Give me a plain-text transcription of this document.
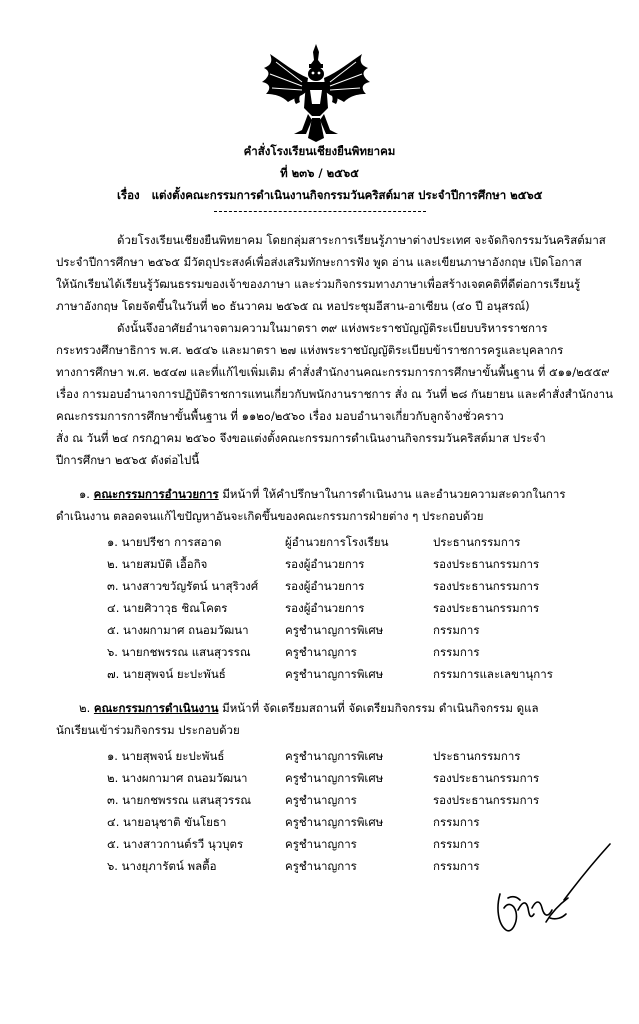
คำสั่งโรงเรียนเชียงยืนพิทยาคม
ที่ ๒๓๖ / ๒๕๖๕
เรื่อง แต่งตั้งคณะกรรมการดำเนินงานกิจกรรมวันคริสต์มาส ประจำปีการศึกษา ๒๕๖๕
ด้วยโรงเรียนเชียงยืนพิทยาคม โดยกลุ่มสาระการเรียนรู้ภาษาต่างประเทศ จะจัดกิจกรรมวันคริสต์มาส
ประจำปีการศึกษา ๒๕๖๕ มีวัตถุประสงค์เพื่อส่งเสริมทักษะการฟัง พูด อ่าน และเขียนภาษาอังกฤษ เปิดโอกาส
ให้นักเรียนได้เรียนรู้วัฒนธรรมของเจ้าของภาษา และร่วมกิจกรรมทางภาษาเพื่อสร้างเจตคติที่ดีต่อการเรียนรู้
ภาษาอังกฤษ โดยจัดขึ้นในวันที่ ๒๐ ธันวาคม ๒๕๖๕ ณ หอประชุมอีสาน-อาเซียน (๔๐ ปี อนุสรณ์)
ดังนั้นจึงอาศัยอำนาจตามความในมาตรา ๓๙ แห่งพระราชบัญญัติระเบียบบริหารราชการ
กระทรวงศึกษาธิการ พ.ศ. ๒๕๔๖ และมาตรา ๒๗ แห่งพระราชบัญญัติระเบียบข้าราชการครูและบุคลากร
ทางการศึกษา พ.ศ. ๒๕๔๗ และที่แก้ไขเพิ่มเติม คำสั่งสำนักงานคณะกรรมการการศึกษาขั้นพื้นฐาน ที่ ๕๑๑/๒๕๕๙
เรื่อง การมอบอำนาจการปฏิบัติราชการแทนเกี่ยวกับพนักงานราชการ สั่ง ณ วันที่ ๒๘ กันยายน และคำสั่งสำนักงาน
คณะกรรมการการศึกษาขั้นพื้นฐาน ที่ ๑๑๒๐/๒๕๖๐ เรื่อง มอบอำนาจเกี่ยวกับลูกจ้างชั่วคราว
สั่ง ณ วันที่ ๒๔ กรกฎาคม ๒๕๖๐ จึงขอแต่งตั้งคณะกรรมการดำเนินงานกิจกรรมวันคริสต์มาส ประจำ
ปีการศึกษา ๒๕๖๕ ดังต่อไปนี้
๑. คณะกรรมการอำนวยการ มีหน้าที่ ให้คำปรึกษาในการดำเนินงาน และอำนวยความสะดวกในการ
ดำเนินงาน ตลอดจนแก้ไขปัญหาอันจะเกิดขึ้นของคณะกรรมการฝ่ายต่าง ๆ ประกอบด้วย
๑. นายปรีชา การสอาด	ผู้อำนวยการโรงเรียน	ประธานกรรมการ
๒. นายสมบัติ เอื้อกิจ	รองผู้อำนวยการ	รองประธานกรรมการ
๓. นางสาวขวัญรัตน์ นาสุริวงศ์ รองผู้อำนวยการ	รองประธานกรรมการ
๔. นายศิวาวุธ ชิณโคตร	รองผู้อำนวยการ	รองประธานกรรมการ
๕. นางผกามาศ ถนอมวัฒนา	ครูชำนาญการพิเศษ	กรรมการ
๖. นายกชพรรณ แสนสุวรรณ	ครูชำนาญการ	กรรมการ
๗. นายสุพจน์ ยะปะพันธ์	ครูชำนาญการพิเศษ	กรรมการและเลขานุการ
๒. คณะกรรมการดำเนินงาน มีหน้าที่ จัดเตรียมสถานที่ จัดเตรียมกิจกรรม ดำเนินกิจกรรม ดูแล
นักเรียนเข้าร่วมกิจกรรม ประกอบด้วย
๑. นายสุพจน์ ยะปะพันธ์	ครูชำนาญการพิเศษ	ประธานกรรมการ
๒. นางผกามาศ ถนอมวัฒนา	ครูชำนาญการพิเศษ	รองประธานกรรมการ
๓. นายกชพรรณ แสนสุวรรณ	ครูชำนาญการ	รองประธานกรรมการ
๔. นายอนุชาติ ขันโยธา	ครูชำนาญการพิเศษ	กรรมการ
๕. นางสาวกานต์รวี นุวบุตร	ครูชำนาญการ	กรรมการ
๖. นางยุภารัตน์ พลตื้อ	ครูชำนาญการ	กรรมการ
